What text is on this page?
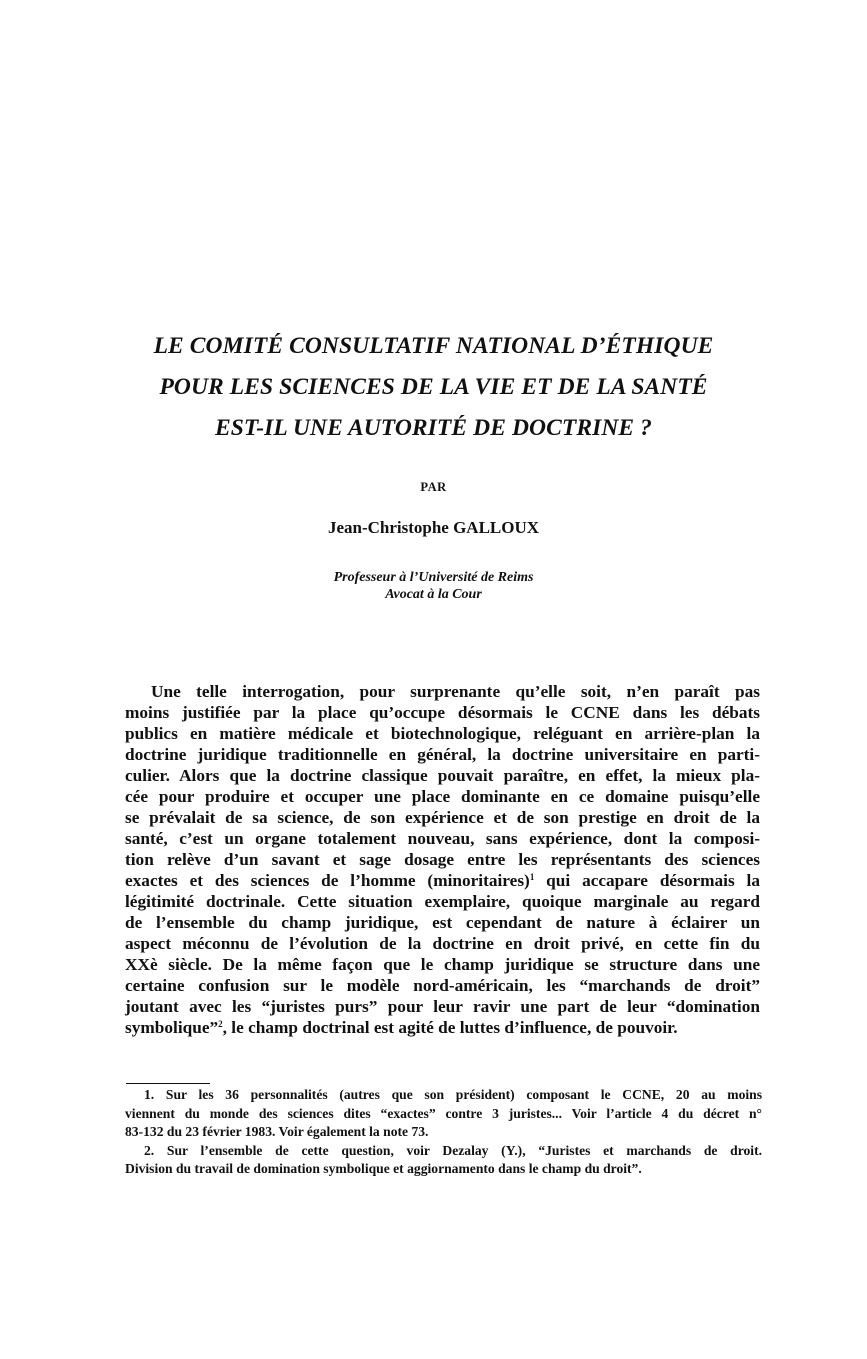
LE COMITÉ CONSULTATIF NATIONAL D’ÉTHIQUE
POUR LES SCIENCES DE LA VIE ET DE LA SANTÉ
EST-IL UNE AUTORITÉ DE DOCTRINE ?
PAR
Jean-Christophe GALLOUX
Professeur à l’Université de Reims
Avocat à la Cour
Une telle interrogation, pour surprenante qu’elle soit, n’en paraît pas
moins justifiée par la place qu’occupe désormais le CCNE dans les débats
publics en matière médicale et biotechnologique, reléguant en arrière-plan la
doctrine juridique traditionnelle en général, la doctrine universitaire en parti-
culier. Alors que la doctrine classique pouvait paraître, en effet, la mieux pla-
cée pour produire et occuper une place dominante en ce domaine puisqu’elle
se prévalait de sa science, de son expérience et de son prestige en droit de la
santé, c’est un organe totalement nouveau, sans expérience, dont la composi-
tion relève d’un savant et sage dosage entre les représentants des sciences
exactes et des sciences de l’homme (minoritaires)$^1$ qui accapare désormais la
légitimité doctrinale. Cette situation exemplaire, quoique marginale au regard
de l’ensemble du champ juridique, est cependant de nature à éclairer un
aspect méconnu de l’évolution de la doctrine en droit privé, en cette fin du
XXè siècle. De la même façon que le champ juridique se structure dans une
certaine confusion sur le modèle nord-américain, les “marchands de droit”
joutant avec les “juristes purs” pour leur ravir une part de leur “domination
symbolique”$^2$, le champ doctrinal est agité de luttes d’influence, de pouvoir.
1. Sur les 36 personnalités (autres que son président) composant le CCNE, 20 au moins
viennent du monde des sciences dites “exactes” contre 3 juristes... Voir l’article 4 du décret n°
83-132 du 23 février 1983. Voir également la note 73.
2. Sur l’ensemble de cette question, voir Dezalay (Y.), “Juristes et marchands de droit.
Division du travail de domination symbolique et aggiornamento dans le champ du droit”.
